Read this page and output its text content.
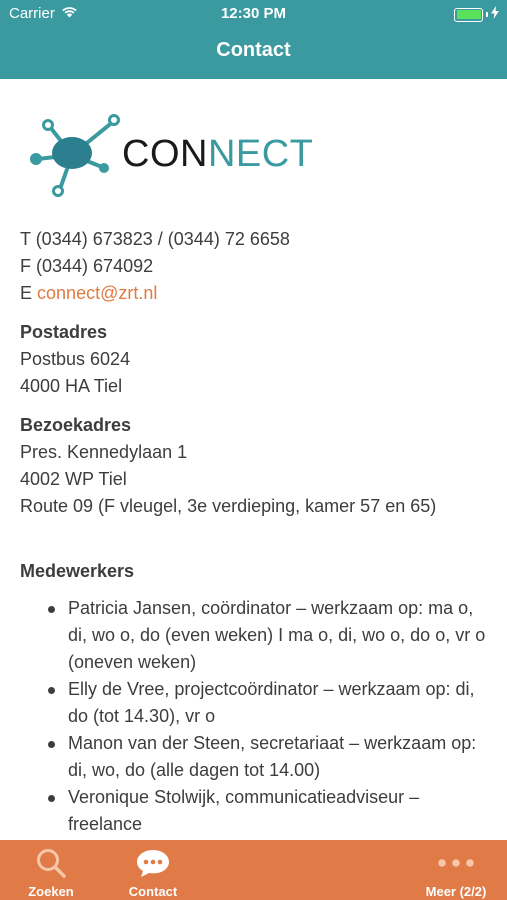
Carrier	12:30 PM
Contact
CONNECT
T (0344) 673823 / (0344) 72 6658
F (0344) 674092
E connect@zrt.nl
Postadres
Postbus 6024
4000 HA Tiel
Bezoekadres
Pres. Kennedylaan 1
4002 WP Tiel
Route 09 (F vleugel, 3e verdieping, kamer 57 en 65)
Medewerkers
Patricia Jansen, coördinator – werkzaam op: ma o, di, wo o, do (even weken) I ma o, di, wo o, do o, vr o (oneven weken)
Elly de Vree, projectcoördinator – werkzaam op: di, do (tot 14.30), vr o
Manon van der Steen, secretariaat – werkzaam op: di, wo, do (alle dagen tot 14.00)
Veronique Stolwijk, communicatieadviseur – freelance
Zoeken	Contact	Meer (2/2)
